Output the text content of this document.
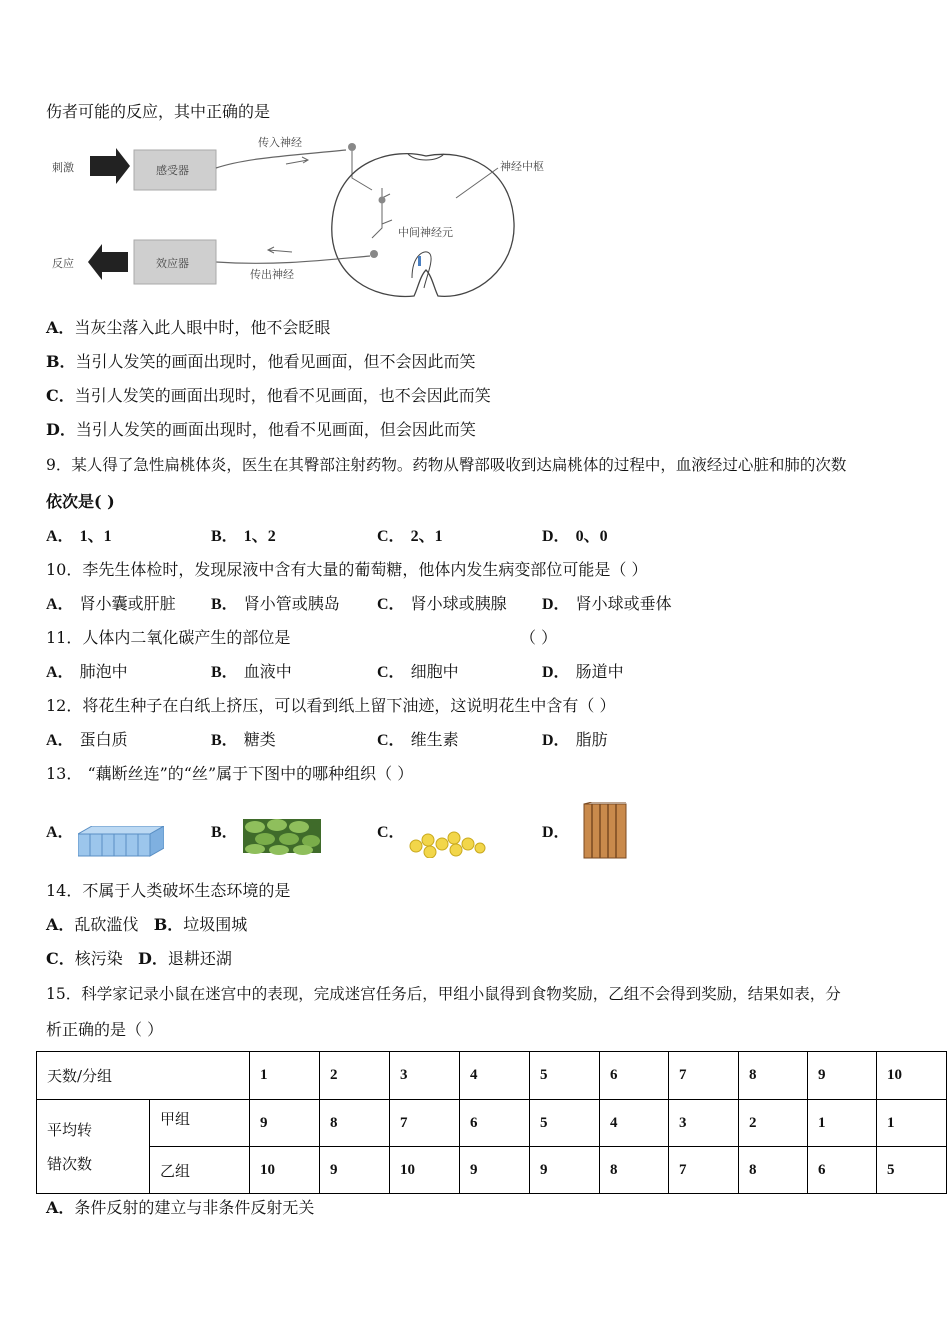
伤者可能的反应，其中正确的是
刺激	感受器
传入神经
神经中枢
中间神经元
反应	效应器
传出神经
A．当灰尘落入此人眼中时，他不会眨眼
B．当引人发笑的画面出现时，他看见画面，但不会因此而笑
C．当引人发笑的画面出现时，他看不见画面，也不会因此而笑
D．当引人发笑的画面出现时，他看不见画面，但会因此而笑
9．某人得了急性扁桃体炎，医生在其臀部注射药物。药物从臀部吸收到达扁桃体的过程中，血液经过心脏和肺的次数
依次是( )
A． 1、1	B． 1、2	C． 2、1	D． 0、0
10．李先生体检时，发现尿液中含有大量的葡萄糖，他体内发生病变部位可能是（ ）
A． 肾小囊或肝脏 B． 肾小管或胰岛 C． 肾小球或胰腺 D． 肾小球或垂体
11．人体内二氧化碳产生的部位是	（ ）
A． 肺泡中	B． 血液中	C． 细胞中	D． 肠道中
12．将花生种子在白纸上挤压，可以看到纸上留下油迹，这说明花生中含有（ ）
A． 蛋白质	B． 糖类	C． 维生素	D． 脂肪
13． “藕断丝连”的“丝”属于下图中的哪种组织（ ）
A．	B．	C．	D．
14．不属于人类破坏生态环境的是
A．乱砍滥伐 B．垃圾围城
C．核污染 D．退耕还湖
15．科学家记录小鼠在迷宫中的表现，完成迷宫任务后，甲组小鼠得到食物奖励，乙组不会得到奖励，结果如表，分
析正确的是（ ）
天数/分组		1	2	3	4	5	6	7	8	9	10

平均转
错次数	甲组	9	8	7	6	5	4	3	2	1	1
	乙组	10	9	10	9	9	8	7	8	6	5
A．条件反射的建立与非条件反射无关
